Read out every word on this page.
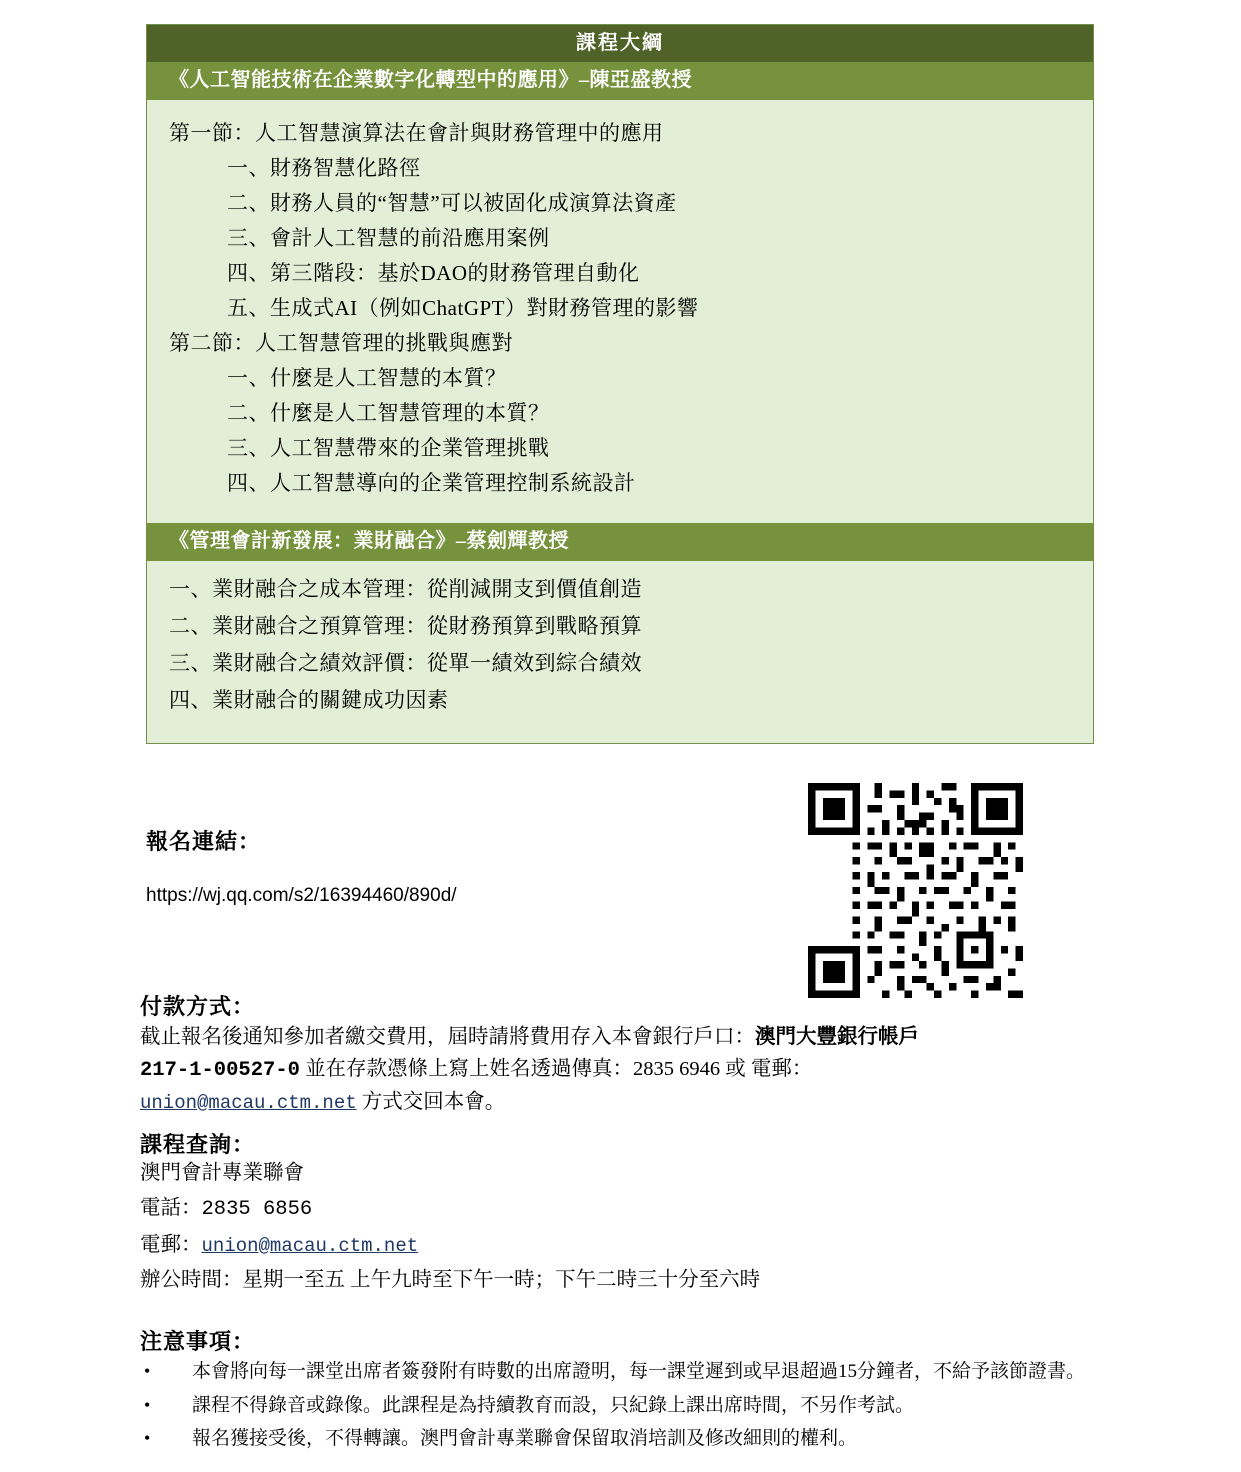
課程大綱
《人工智能技術在企業數字化轉型中的應用》–陳亞盛教授
第一節：人工智慧演算法在會計與財務管理中的應用
一、財務智慧化路徑
二、財務人員的“智慧”可以被固化成演算法資產
三、會計人工智慧的前沿應用案例
四、第三階段：基於DAO的財務管理自動化
五、生成式AI（例如ChatGPT）對財務管理的影響
第二節：人工智慧管理的挑戰與應對
一、什麼是人工智慧的本質？
二、什麼是人工智慧管理的本質？
三、人工智慧帶來的企業管理挑戰
四、人工智慧導向的企業管理控制系統設計
《管理會計新發展：業財融合》–蔡劍輝教授
一、業財融合之成本管理：從削減開支到價值創造
二、業財融合之預算管理：從財務預算到戰略預算
三、業財融合之績效評價：從單一績效到綜合績效
四、業財融合的關鍵成功因素
報名連結：
https://wj.qq.com/s2/16394460/890d/
付款方式：
截止報名後通知參加者繳交費用，屆時請將費用存入本會銀行戶口：澳門大豐銀行帳戶
217-1-00527-0 並在存款憑條上寫上姓名透過傳真：2835 6946 或 電郵：
union@macau.ctm.net 方式交回本會。
課程查詢：
澳門會計專業聯會
電話：2835 6856
電郵：union@macau.ctm.net
辦公時間：星期一至五 上午九時至下午一時；下午二時三十分至六時
注意事項：
•	本會將向每一課堂出席者簽發附有時數的出席證明，每一課堂遲到或早退超過15分鐘者，不給予該節證書。
•	課程不得錄音或錄像。此課程是為持續教育而設，只紀錄上課出席時間，不另作考試。
•	報名獲接受後，不得轉讓。澳門會計專業聯會保留取消培訓及修改細則的權利。
